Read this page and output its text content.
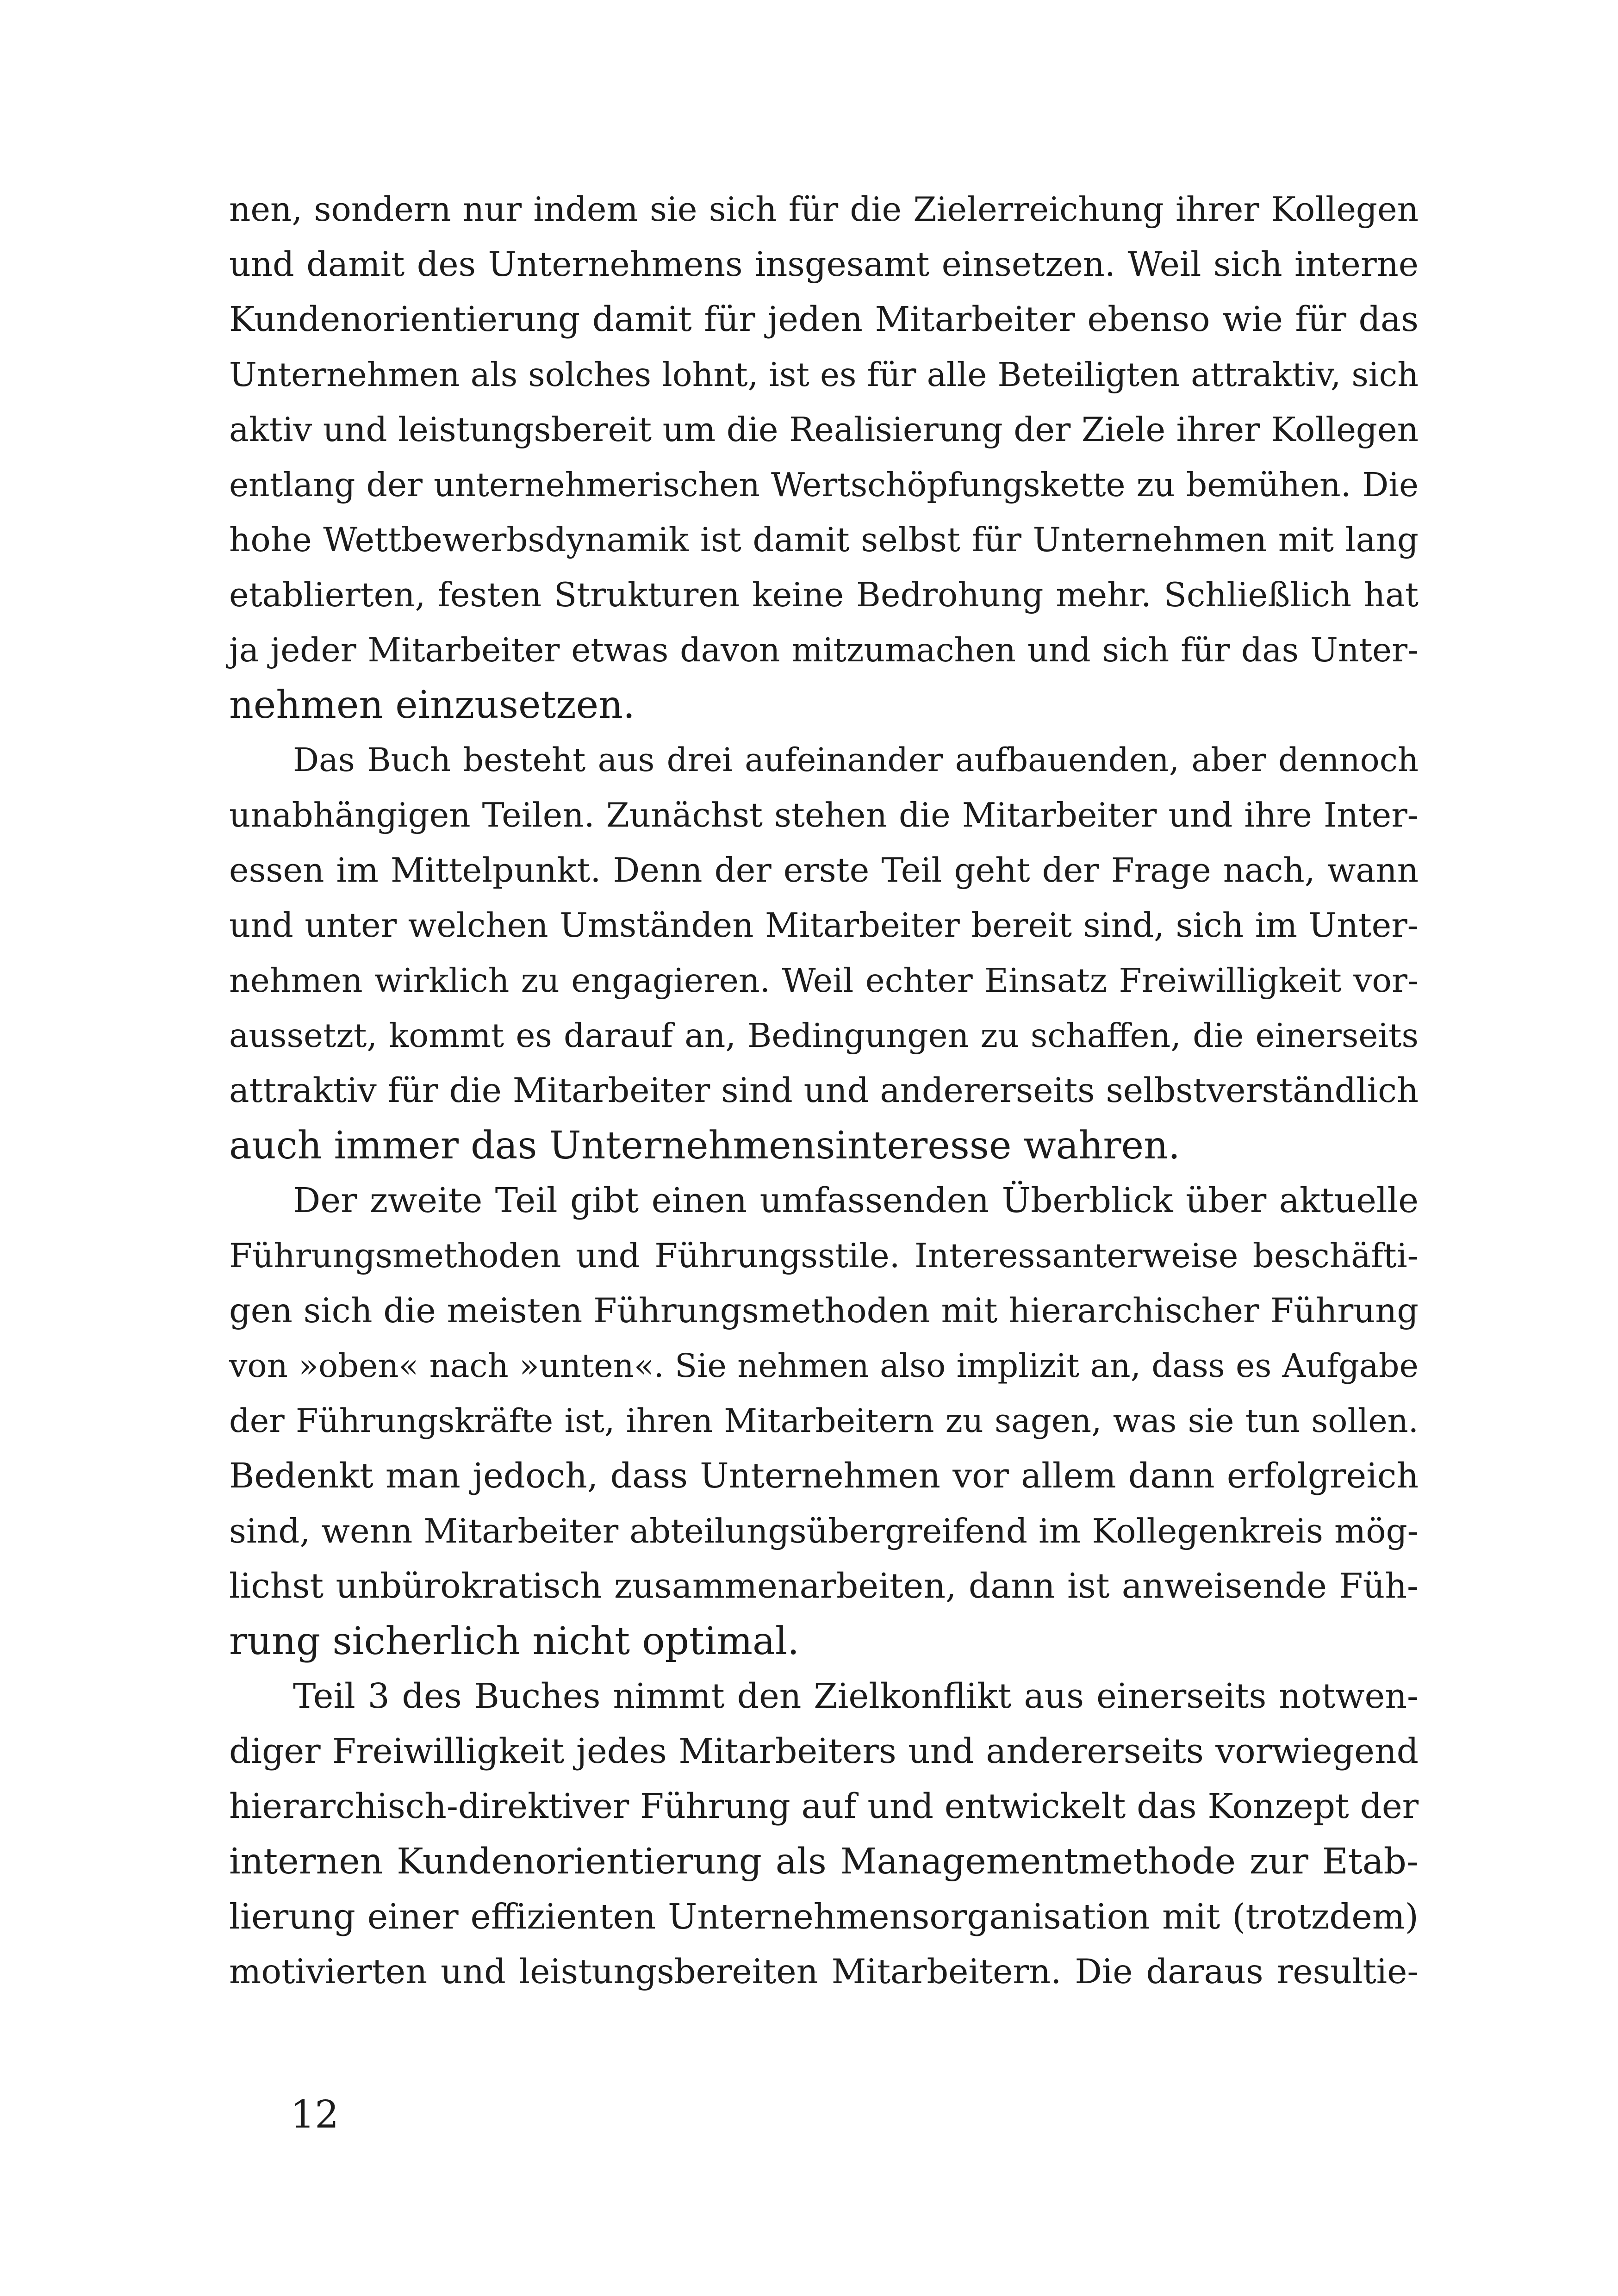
nen, sondern nur indem sie sich für die Zielerreichung ihrer Kollegen
und damit des Unternehmens insgesamt einsetzen. Weil sich interne
Kundenorientierung damit für jeden Mitarbeiter ebenso wie für das
Unternehmen als solches lohnt, ist es für alle Beteiligten attraktiv, sich
aktiv und leistungsbereit um die Realisierung der Ziele ihrer Kollegen
entlang der unternehmerischen Wertschöpfungskette zu bemühen. Die
hohe Wettbewerbsdynamik ist damit selbst für Unternehmen mit lang
etablierten, festen Strukturen keine Bedrohung mehr. Schließlich hat
ja jeder Mitarbeiter etwas davon mitzumachen und sich für das Unter-
nehmen einzusetzen.
Das Buch besteht aus drei aufeinander aufbauenden, aber dennoch
unabhängigen Teilen. Zunächst stehen die Mitarbeiter und ihre Inter-
essen im Mittelpunkt. Denn der erste Teil geht der Frage nach, wann
und unter welchen Umständen Mitarbeiter bereit sind, sich im Unter-
nehmen wirklich zu engagieren. Weil echter Einsatz Freiwilligkeit vor-
aussetzt, kommt es darauf an, Bedingungen zu schaffen, die einerseits
attraktiv für die Mitarbeiter sind und andererseits selbstverständlich
auch immer das Unternehmensinteresse wahren.
Der zweite Teil gibt einen umfassenden Überblick über aktuelle
Führungsmethoden und Führungsstile. Interessanterweise beschäfti-
gen sich die meisten Führungsmethoden mit hierarchischer Führung
von »oben« nach »unten«. Sie nehmen also implizit an, dass es Aufgabe
der Führungskräfte ist, ihren Mitarbeitern zu sagen, was sie tun sollen.
Bedenkt man jedoch, dass Unternehmen vor allem dann erfolgreich
sind, wenn Mitarbeiter abteilungsübergreifend im Kollegenkreis mög-
lichst unbürokratisch zusammenarbeiten, dann ist anweisende Füh-
rung sicherlich nicht optimal.
Teil 3 des Buches nimmt den Zielkonflikt aus einerseits notwen-
diger Freiwilligkeit jedes Mitarbeiters und andererseits vorwiegend
hierarchisch-direktiver Führung auf und entwickelt das Konzept der
internen Kundenorientierung als Managementmethode zur Etab-
lierung einer effizienten Unternehmensorganisation mit (trotzdem)
motivierten und leistungsbereiten Mitarbeitern. Die daraus resultie-
12
